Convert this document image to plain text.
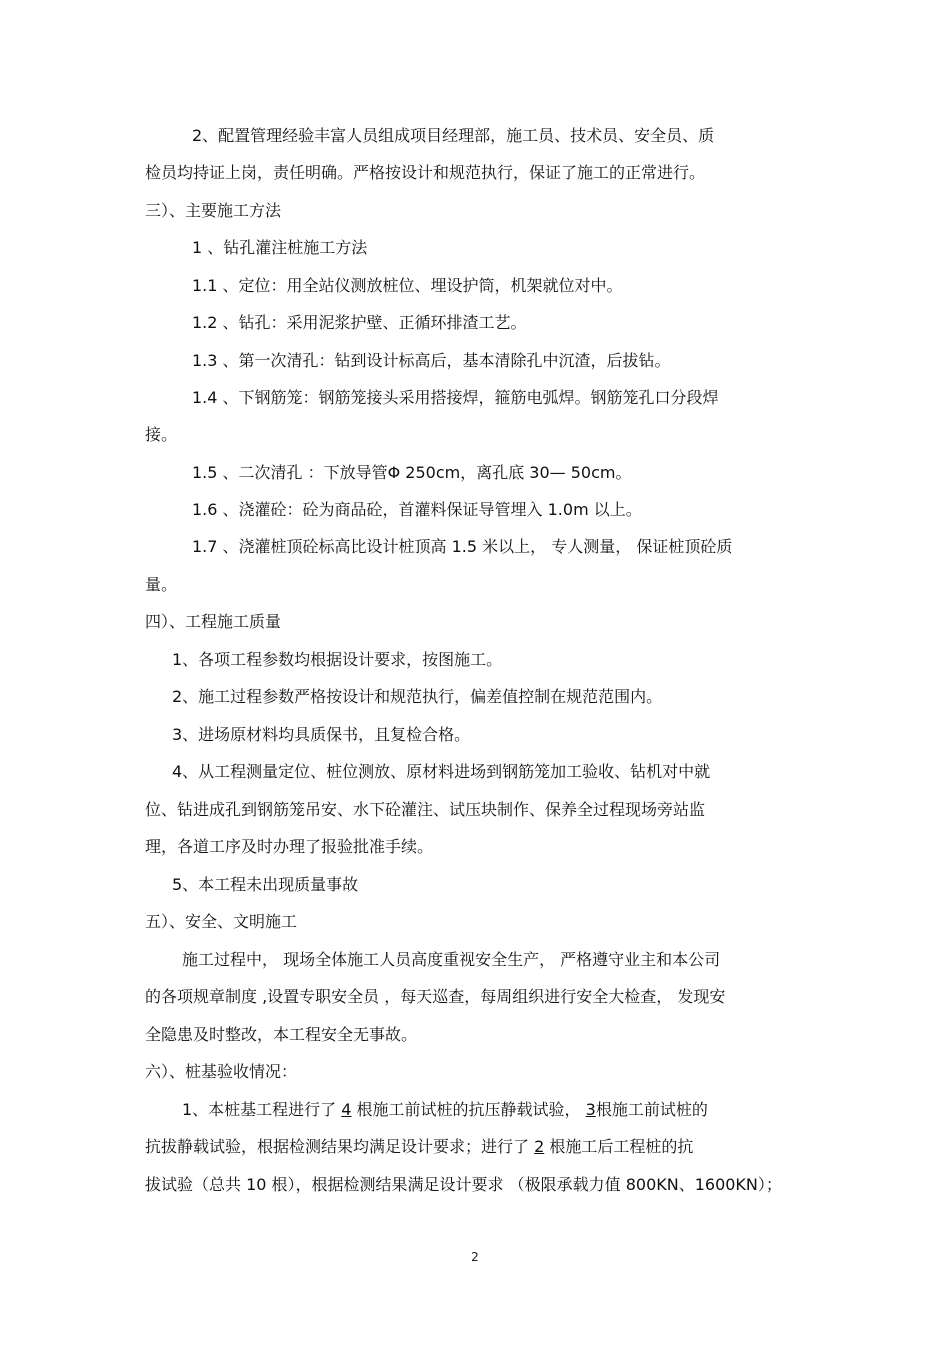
2、配置管理经验丰富人员组成项目经理部，施工员、技术员、安全员、质
检员均持证上岗，责任明确。严格按设计和规范执行，保证了施工的正常进行。
三）、主要施工方法
1 、钻孔灌注桩施工方法
1.1 、定位：用全站仪测放桩位、埋设护筒，机架就位对中。
1.2 、钻孔：采用泥浆护壁、正循环排渣工艺。
1.3 、第一次清孔：钻到设计标高后，基本清除孔中沉渣，后拔钻。
1.4 、下钢筋笼：钢筋笼接头采用搭接焊，箍筋电弧焊。钢筋笼孔口分段焊
接。
1.5 、二次清孔 ：下放导管Φ 250cm，离孔底 30— 50cm。
1.6 、浇灌砼：砼为商品砼，首灌料保证导管埋入 1.0m 以上。
1.7 、浇灌桩顶砼标高比设计桩顶高 1.5 米以上， 专人测量， 保证桩顶砼质
量。
四）、工程施工质量
1、各项工程参数均根据设计要求，按图施工。
2、施工过程参数严格按设计和规范执行，偏差值控制在规范范围内。
3、进场原材料均具质保书，且复检合格。
4、从工程测量定位、桩位测放、原材料进场到钢筋笼加工验收、钻机对中就
位、钻进成孔到钢筋笼吊安、水下砼灌注、试压块制作、保养全过程现场旁站监
理，各道工序及时办理了报验批准手续。
5、本工程未出现质量事故
五）、安全、文明施工
施工过程中， 现场全体施工人员高度重视安全生产， 严格遵守业主和本公司
的各项规章制度 ,设置专职安全员 ，每天巡查，每周组织进行安全大检查， 发现安
全隐患及时整改，本工程安全无事故。
六）、桩基验收情况：
1、本桩基工程进行了 4 根施工前试桩的抗压静载试验， 3根施工前试桩的
抗拔静载试验，根据检测结果均满足设计要求；进行了 2 根施工后工程桩的抗
拔试验（总共 10 根），根据检测结果满足设计要求 （极限承载力值 800KN、1600KN）；
2
